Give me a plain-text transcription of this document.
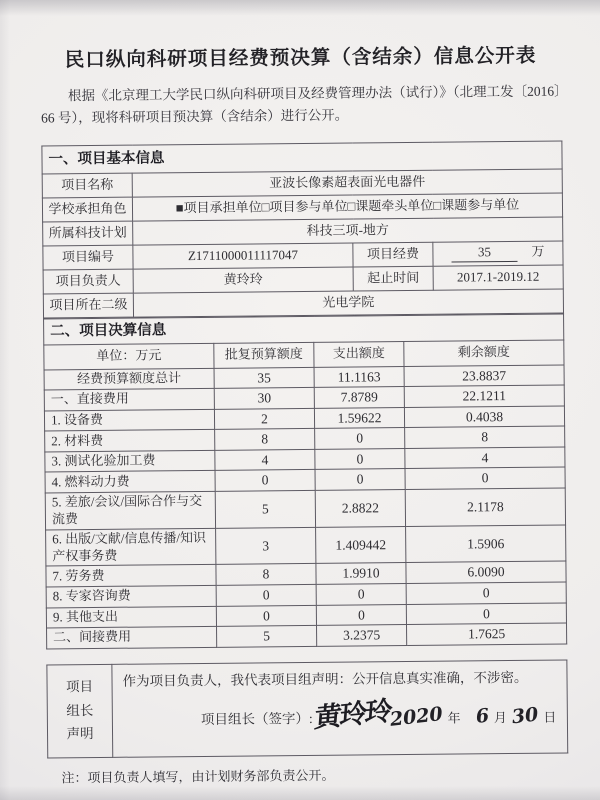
民口纵向科研项目经费预决算（含结余）信息公开表
根据《北京理工大学民口纵向科研项目及经费管理办法（试行）》（北理工发〔2016〕66 号），现将科研项目预决算（含结余）进行公开。
一、项目基本信息			
项目名称	亚波长像素超表面光电器件		
学校承担角色	■项目承担单位□项目参与单位□课题牵头单位□课题参与单位		
所属科技计划	科技三项-地方		
项目编号	Z1711000011117047	项目经费	35 万
项目负责人	黄玲玲	起止时间	2017.1-2019.12
项目所在二级	光电学院		
二、项目决算信息			
单位：万元	批复预算额度	支出额度	剩余额度
经费预算额度总计	35	11.1163	23.8837
一、直接费用	30	7.8789	22.1211
1. 设备费	2	1.59622	0.4038
2. 材料费	8	0	8
3. 测试化验加工费	4	0	4
4. 燃料动力费	0	0	0
5. 差旅/会议/国际合作与交流费	5	2.8822	2.1178
6. 出版/文献/信息传播/知识产权事务费	3	1.409442	1.5906
7. 劳务费	8	1.9910	6.0090
8. 专家咨询费	0	0	0
9. 其他支出	0	0	0
二、间接费用	5	3.2375	1.7625
项目
组长
声明

作为项目负责人，我代表项目组声明：公开信息真实准确，不涉密。

项目组长（签字）: 黄玲玲
2020 年 6 月 30 日
注：项目负责人填写，由计划财务部负责公开。
